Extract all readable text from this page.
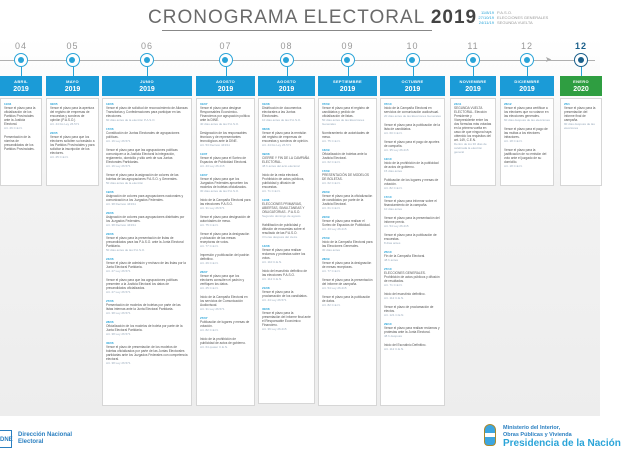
CRONOGRAMA ELECTORAL 2019 11/8/19 P.A.S.O.
27/10/19 ELECCIONES GENERALES
24/11/19 SEGUNDA VUELTA
➤
04
ABRIL
2019
11/04
Vence el plazo para la oficialización de los Partidos Provinciales ante la Justicia Electoral.
Art. 26 C.E.N.
Presentación de la nómina de precandidatos de los Partidos Provinciales.
05
MAYO
2019
02/05
Vence el plazo para la apertura del registro de empresas de encuestas y sondeos de opinión (P.A.S.O.)
Art. 44 bis Ley 26.571
22/05
Vence el plazo para que los electores soliciten su traslado a los Partidos Provinciales y para solicitar la inscripción de los electores.
Art. 25 C.E.N.
06
JUNIO
2019
12/06
Vence el plazo de solicitud de reconocimiento de Alianzas Transitorias y Confederaciones para participar en las elecciones.
60 días antes de la elección P.A.S.O.
17/06
Constitución de Juntas Electorales de agrupaciones políticas.
Art. 16 Ley 26.571
Vence el plazo para que las agrupaciones políticas comuniquen a la Justicia Electoral la integración, reglamento, domicilio y sitio web de sus Juntas Electorales Partidarias.
Art. 16 Ley 26.571
Vence el plazo para la asignación de colores de las boletas de las agrupaciones P.A.S.O. y Generales.
50 días antes de la elección
19/06
Asignación de colores para agrupaciones nacionales y comunicación a los Juzgados Federales.
Art. 38 Decreto 443/11
20/06
Asignación de colores para agrupaciones distritales por los Juzgados Federales.
Art. 38 Decreto 443/11
22/06
Vence el plazo para la presentación de listas de precandidatos para las P.A.S.O. ante la Junta Electoral Partidaria.
50 días antes de las P.A.S.O.
24/06
Vence el plazo de admisión y rechazo de las listas por la Junta Electoral Partidaria.
Art. 27 Ley 26.571
Vence el plazo para que las agrupaciones políticas presenten a la Justicia Electoral los datos de precandidatos oficializados.
Art. 27 Ley 26.571
27/06
Presentación de modelos de boletas por parte de las listas internas ante la Junta Electoral Partidaria.
Art. 38 Ley 26.571
28/06
Oficialización de los modelos de boleta por parte de la Junta Electoral Partidaria.
Art. 38 Ley 26.571
30/06
Vence el plazo de presentación de los modelos de boletas oficializados por parte de las Juntas Electorales partidarias ante los Juzgados Federales con competencia electoral.
Art. 38 Ley 26.571
07
AGOSTO
2019
01/07
Vence el plazo para designar Responsables Económico-Financieros por agrupación política ante la DINE.
40 días antes de las P.A.S.O.
Designación de los responsables técnicos y de representantes tecnológicos ante la DINE.
Art. 53 Decreto 443/11
11/07
Vence el plazo para el Sorteo de Espacios de Publicidad Electoral.
Art. 43 Ley 26.215
12/07
Vence el plazo para que los Juzgados Federales aprueben los modelos de boletas oficializados.
30 días antes de las P.A.S.O.
Inicio de la Campaña Electoral para las elecciones P.A.S.O.
Art. 31 Ley 26.571
Vence el plazo para designación de autoridades de mesa.
Art. 75 C.E.N.
Vence el plazo para la designación y ubicación de las mesas receptoras de votos.
Art. 77 C.E.N.
Impresión y publicación del padrón definitivo.
Art. 29 C.E.N.
26/07
Vence el plazo para que los electores consulten el padrón y verifiquen los datos.
Art. 25 C.E.N.
Inicio de la Campaña Electoral en los servicios de Comunicación Audiovisual.
Art. 31 Ley 26.571
27/07
Publicación de lugares y mesas de votación.
Art. 82 C.E.N.
Inicio de la prohibición de publicidad de actos de gobierno.
Art. 64 quater C.E.N.
08
AGOSTO
2019
01/08
Distribución de documentos electorales a las Juntas Electorales.
10 días antes de las P.A.S.O.
06/08
Vence el plazo para la remisión del registro de empresas de encuestas y sondeos de opinión.
Art. 44 bis Ley 26.571
09/08
CIERRE Y FIN DE LA CAMPAÑA ELECTORAL.
48 h antes del acto electoral
Inicio de la veda electoral. Prohibición de actos públicos, publicidad y difusión de encuestas.
Art. 71 C.E.N.
11/08
ELECCIONES PRIMARIAS, ABIERTAS, SIMULTÁNEAS Y OBLIGATORIAS - P.A.S.O.
Segundo domingo de agosto
Habilitación de publicidad y difusión de encuestas sobre el resultado de las P.A.S.O.
3 horas después del cierre
14/08
Vence el plazo para realizar reclamos y protestas sobre los votos.
Art. 110 C.E.N.
Inicio del escrutinio definitivo de las elecciones P.A.S.O.
Art. 112 C.E.N.
21/08
Vence el plazo para la proclamación de los candidatos.
Art. 44 Ley 26.571
30/08
Vence el plazo para la presentación del informe final ante el Responsable Económico Financiero.
Art. 36 Ley 26.215
09
SEPTIEMBRE
2019
07/09
Vence el plazo para el registro de candidatos y pedido de oficialización de listas.
50 días antes de las Elecciones Generales
Nombramiento de autoridades de mesa.
Art. 75 C.E.N.
16/09
Oficialización de boletas ante la Justicia Electoral.
Art. 62 C.E.N.
17/09
PRESENTACIÓN DE MODELOS DE BOLETAS.
Art. 62 C.E.N.
20/09
Vence el plazo para la oficialización de candidatos por parte de la Justicia Electoral.
Art. 61 C.E.N.
22/09
Vence el plazo para realizar el Sorteo de Espacios de Publicidad.
Art. 43 Ley 26.215
27/09
Inicio de la Campaña Electoral para las Elecciones Generales.
30 días antes
28/09
Vence el plazo para la designación de mesas receptoras.
Art. 77 C.E.N.
Vence el plazo para la presentación del informe de campaña.
Art. 54 Ley 26.215
Vence el plazo para la publicación de datos.
Art. 82 C.E.N.
10
OCTUBRE
2019
07/10
Inicio de la Campaña Electoral en servicios de comunicación audiovisual.
20 días antes de las Elecciones Generales
Vence el plazo para la publicación de la lista de candidatos.
Art. 60 C.E.N.
Vence el plazo para el pago de aportes de campaña.
Art. 35 Ley 26.215
12/10
Inicio de la prohibición de la publicidad de actos de gobierno.
15 días antes
Publicación de los lugares y mesas de votación.
Art. 82 C.E.N.
17/10
Vence el plazo para informar sobre el financiamiento de la campaña.
10 días antes
Vence el plazo para la presentación del informe previo.
Art. 54 Ley 26.215
Vence el plazo para la publicación de encuestas.
8 días antes
25/10
Fin de la Campaña Electoral.
48 h antes
27/10
ELECCIONES GENERALES. Prohibición de actos públicos y difusión de resultados.
Art. 71 C.E.N.
Inicio del escrutinio definitivo.
Art. 112 C.E.N.
Vence el plazo de proclamación de electos.
Art. 121 C.E.N.
29/10
Vence el plazo para realizar reclamos y protestas ante la Junta Electoral.
48 h después
Inicio del Escrutinio Definitivo.
Art. 112 C.E.N.
11
NOVIEMBRE
2019
24/11
SEGUNDA VUELTA ELECTORAL. Elección Presidente y Vicepresidente entre los dos fórmulas más votadas en la primera vuelta en caso de que ninguna haya obtenido los requisitos del art. 149, C.E.N.
Dentro de los 30 días de celebrada la elección general
12
DICIEMBRE
2019
26/12
Vence el plazo para certificar a los electores que no votaron en las elecciones generales.
60 días después de las elecciones
Vence el plazo para el pago de las multas a los electores infractores.
Art. 18 C.E.N.
Vence el plazo para la justificación de no emisión del voto ante el juzgado de su domicilio.
Art. 18 C.E.N.
12
ENERO
2020
25/1
Vence el plazo para la presentación del informe final de campaña.
90 días después de las elecciones
DNE
Dirección Nacional
Electoral
Ministerio del Interior,
Obras Públicas y Vivienda
Presidencia de la Nación
